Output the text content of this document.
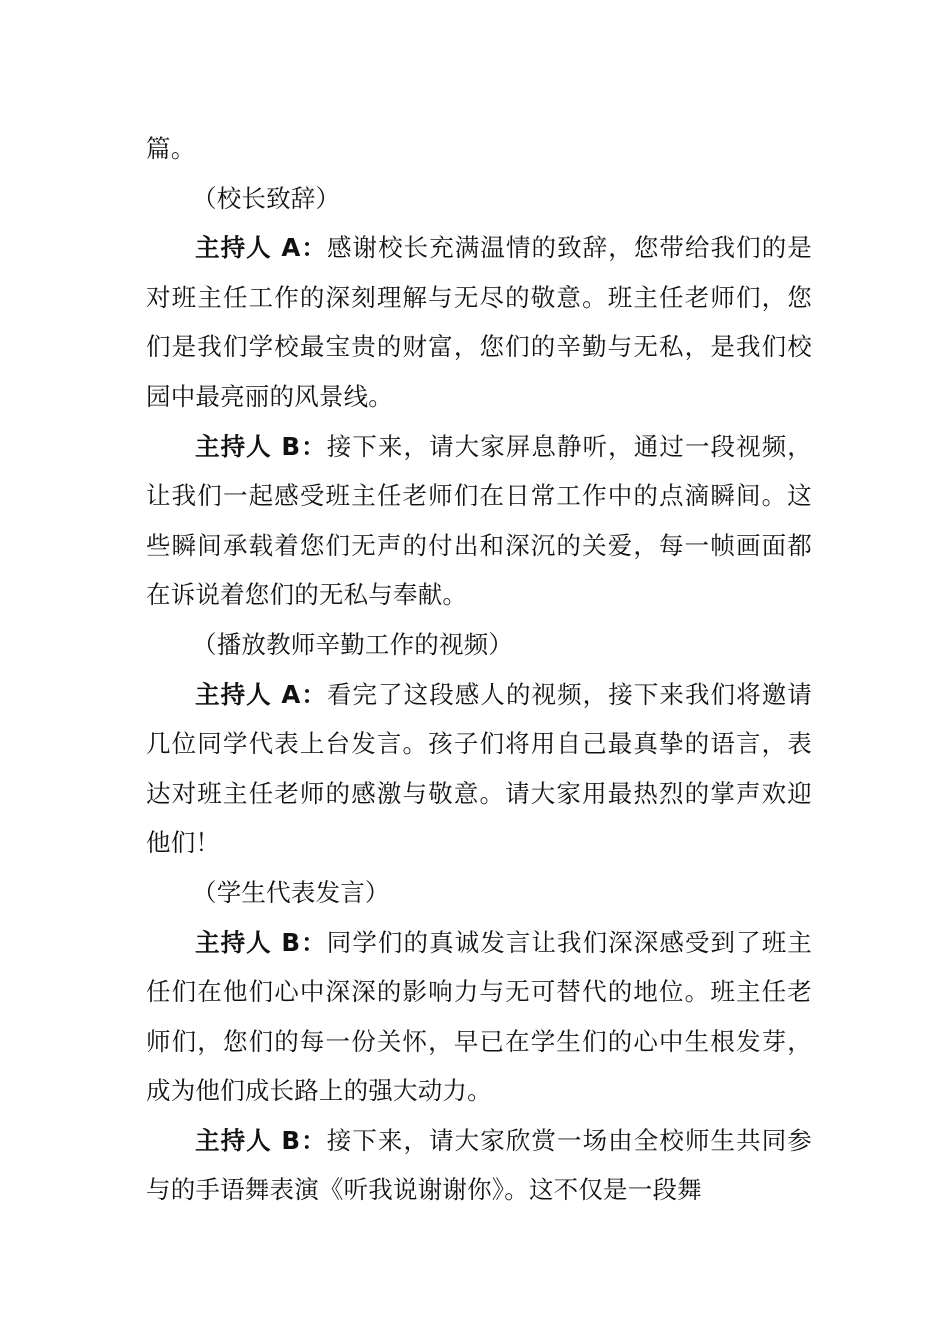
篇。

（校长致辞）

主持人 A：感谢校长充满温情的致辞，您带给我们的是对班主任工作的深刻理解与无尽的敬意。班主任老师们，您们是我们学校最宝贵的财富，您们的辛勤与无私，是我们校园中最亮丽的风景线。

主持人 B：接下来，请大家屏息静听，通过一段视频，让我们一起感受班主任老师们在日常工作中的点滴瞬间。这些瞬间承载着您们无声的付出和深沉的关爱，每一帧画面都在诉说着您们的无私与奉献。

（播放教师辛勤工作的视频）

主持人 A：看完了这段感人的视频，接下来我们将邀请几位同学代表上台发言。孩子们将用自己最真挚的语言，表达对班主任老师的感激与敬意。请大家用最热烈的掌声欢迎他们！

（学生代表发言）

主持人 B：同学们的真诚发言让我们深深感受到了班主任们在他们心中深深的影响力与无可替代的地位。班主任老师们，您们的每一份关怀，早已在学生们的心中生根发芽，成为他们成长路上的强大动力。

主持人 B：接下来，请大家欣赏一场由全校师生共同参与的手语舞表演《听我说谢谢你》。这不仅是一段舞
